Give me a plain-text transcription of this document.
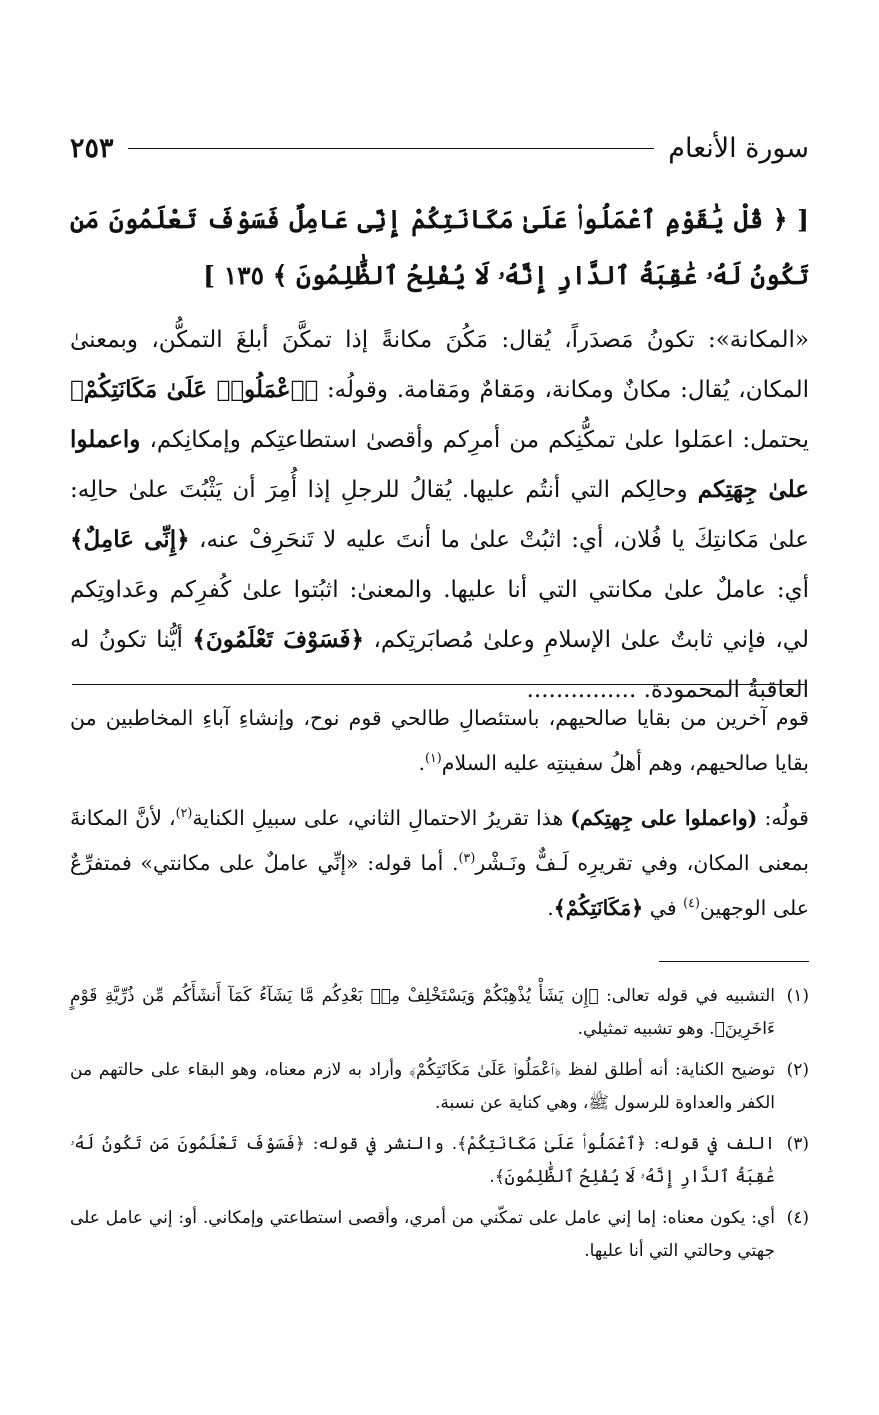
سورة الأنعام
٢٥٣
[ ﴿ قُلْ يَٰقَوْمِ ٱعْمَلُوا۟ عَلَىٰ مَكَانَتِكُمْ إِنِّى عَامِلٌ فَسَوْفَ تَعْلَمُونَ مَن تَكُونُ لَهُۥ عَٰقِبَةُ ٱلدَّارِ إِنَّهُۥ لَا يُفْلِحُ ٱلظَّٰلِمُونَ ﴾ ١٣٥ ]

«المكانة»: تكونُ مَصدَراً، يُقال: مَكُنَ مكانةً إذا تمكَّنَ أبلغَ التمكُّن، وبمعنىٰ المكان، يُقال: مكانٌ ومكانة، ومَقامٌ ومَقامة. وقولُه: ﴿ٱعْمَلُوا۟ عَلَىٰ مَكَانَتِكُمْ﴾ يحتمل: اعمَلوا علىٰ تمكُّنِكم من أمرِكم وأقصىٰ استطاعتِكم وإمكانِكم، واعملوا علىٰ جِهَتِكم وحالِكم التي أنتُم عليها. يُقالُ للرجلِ إذا أُمِرَ أن يَثْبُتَ علىٰ حالِه: علىٰ مَكانتِكَ يا فُلان، أي: اثبُتْ علىٰ ما أنتَ عليه لا تَنحَرِفْ عنه، ﴿إِنِّى عَامِلٌ﴾ أي: عاملٌ علىٰ مكانتي التي أنا عليها. والمعنىٰ: اثبُتوا علىٰ كُفرِكم وعَداوتِكم لي، فإني ثابتٌ علىٰ الإسلامِ وعلىٰ مُصابَرتِكم، ﴿فَسَوْفَ تَعْلَمُونَ﴾ أيُّنا تكونُ له العاقبةُ المحمودة. ...............

قوم آخرين من بقايا صالحيهم، باستئصالِ طالحي قوم نوح، وإنشاءِ آباءِ المخاطبين من بقايا صالحيهم، وهم أهلُ سفينتِه عليه السلام$^{(١)}$.

قولُه: (واعملوا على جِهتِكم) هذا تقريرُ الاحتمالِ الثاني، على سبيلِ الكناية$^{(٢)}$، لأنَّ المكانةَ بمعنى المكان، وفي تقريرِه لَـفٌّ ونَـشْر$^{(٣)}$. أما قوله: «إنِّي عاملٌ على مكانتي» فمتفرِّعٌ على الوجهين$^{(٤)}$ في ﴿مَكَانَتِكُمْ﴾.

(١)
التشبيه في قوله تعالى: ﴿إِن يَشَأْ يُذْهِبْكُمْ وَيَسْتَخْلِفْ مِنۢ بَعْدِكُم مَّا يَشَآءُ كَمَآ أَنشَأَكُم مِّن ذُرِّيَّةِ قَوْمٍ ءَاخَرِينَ﴾. وهو تشبيه تمثيلي.
(٢)
توضيح الكناية: أنه أطلق لفظ ﴿ٱعْمَلُوا۟ عَلَىٰ مَكَانَتِكُمْ﴾ وأراد به لازم معناه، وهو البقاء على حالتهم من الكفر والعداوة للرسول ﷺ، وهي كناية عن نسبة.
(٣)
اللف في قوله: ﴿ٱعْمَلُوا۟ عَلَىٰ مَكَانَتِكُمْ﴾. والنشر في قوله: ﴿فَسَوْفَ تَعْلَمُونَ مَن تَكُونُ لَهُۥ عَٰقِبَةُ ٱلدَّارِ إِنَّهُۥ لَا يُفْلِحُ ٱلظَّٰلِمُونَ﴾.
(٤)
أي: يكون معناه: إما إني عامل على تمكّني من أمري، وأقصى استطاعتي وإمكاني. أو: إني عامل على جهتي وحالتي التي أنا عليها.
